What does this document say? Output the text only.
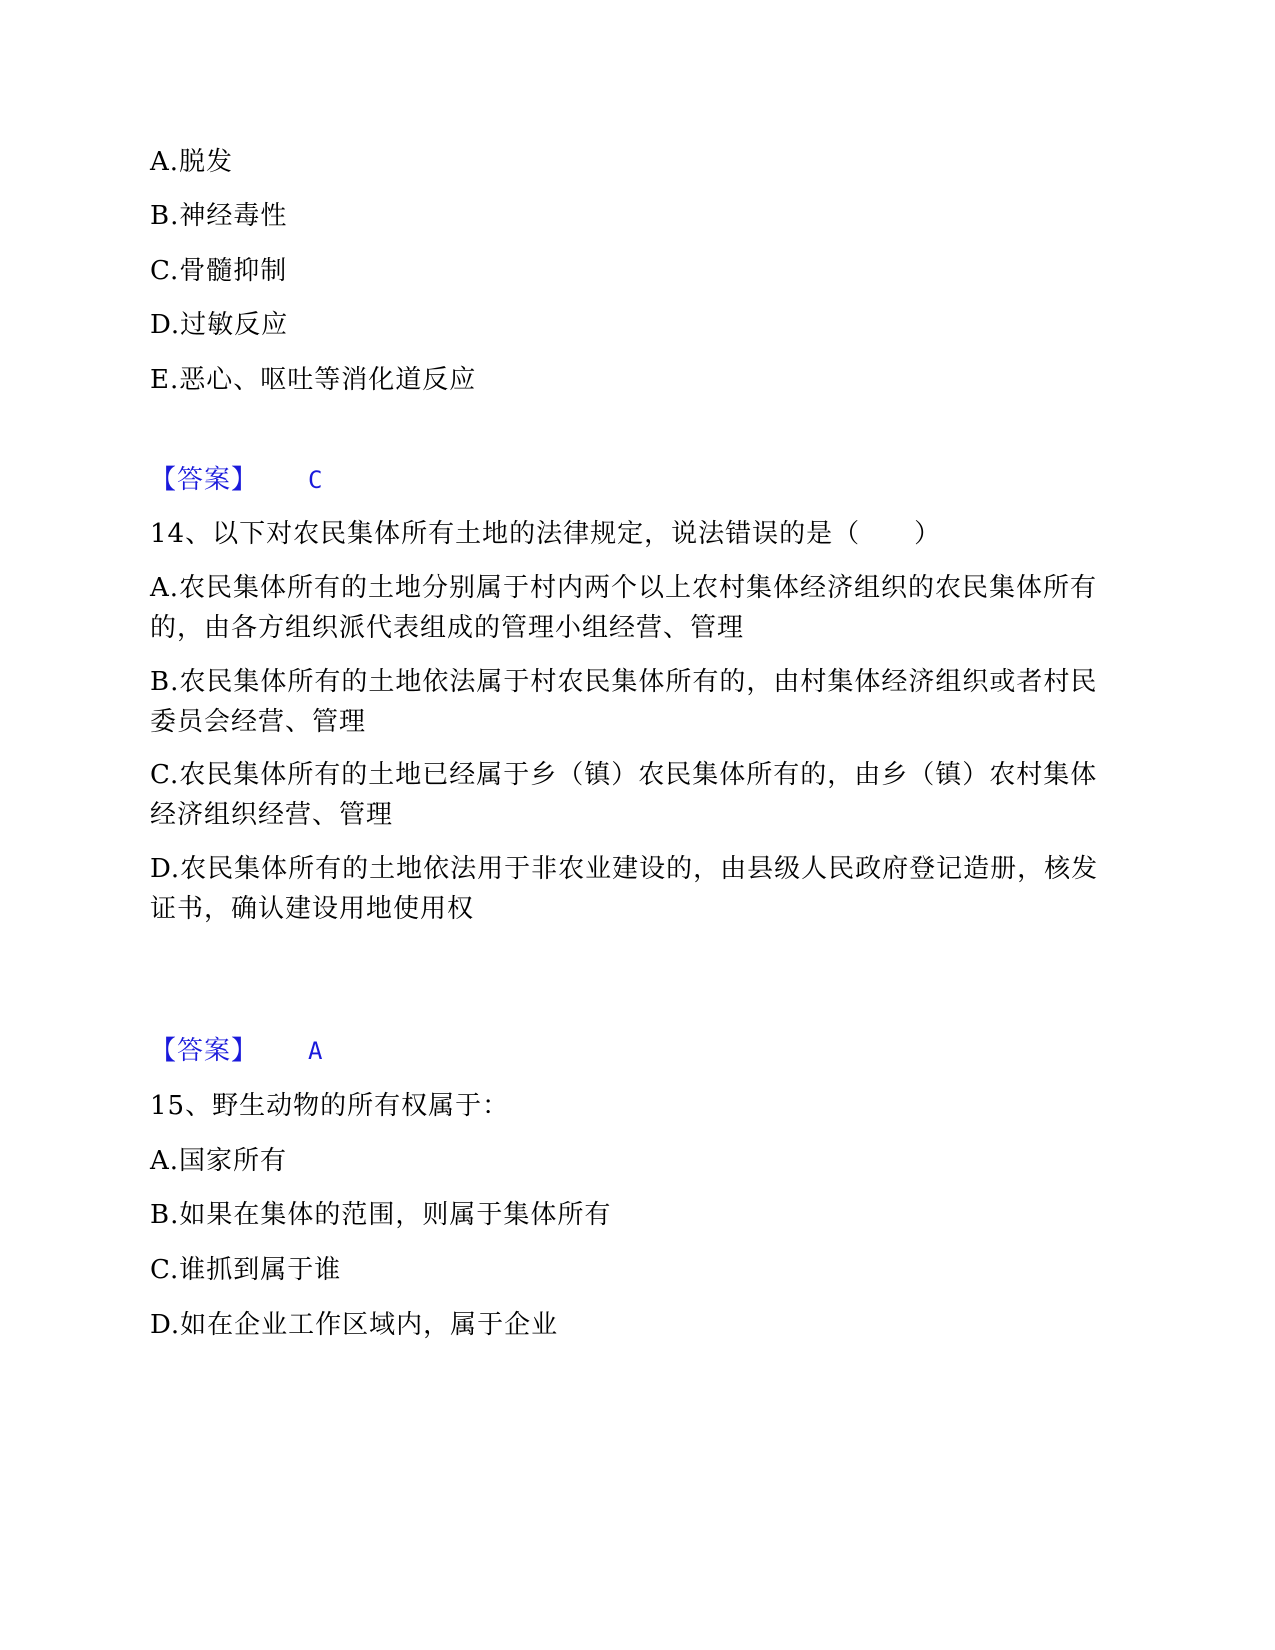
A.脱发
B.神经毒性
C.骨髓抑制
D.过敏反应
E.恶心、呕吐等消化道反应
【答案】 C
14、以下对农民集体所有土地的法律规定，说法错误的是（　　）
A.农民集体所有的土地分别属于村内两个以上农村集体经济组织的农民集体所有的，由各方组织派代表组成的管理小组经营、管理
B.农民集体所有的土地依法属于村农民集体所有的，由村集体经济组织或者村民委员会经营、管理
C.农民集体所有的土地已经属于乡（镇）农民集体所有的，由乡（镇）农村集体经济组织经营、管理
D.农民集体所有的土地依法用于非农业建设的，由县级人民政府登记造册，核发证书，确认建设用地使用权
【答案】 A
15、野生动物的所有权属于：
A.国家所有
B.如果在集体的范围，则属于集体所有
C.谁抓到属于谁
D.如在企业工作区域内，属于企业
